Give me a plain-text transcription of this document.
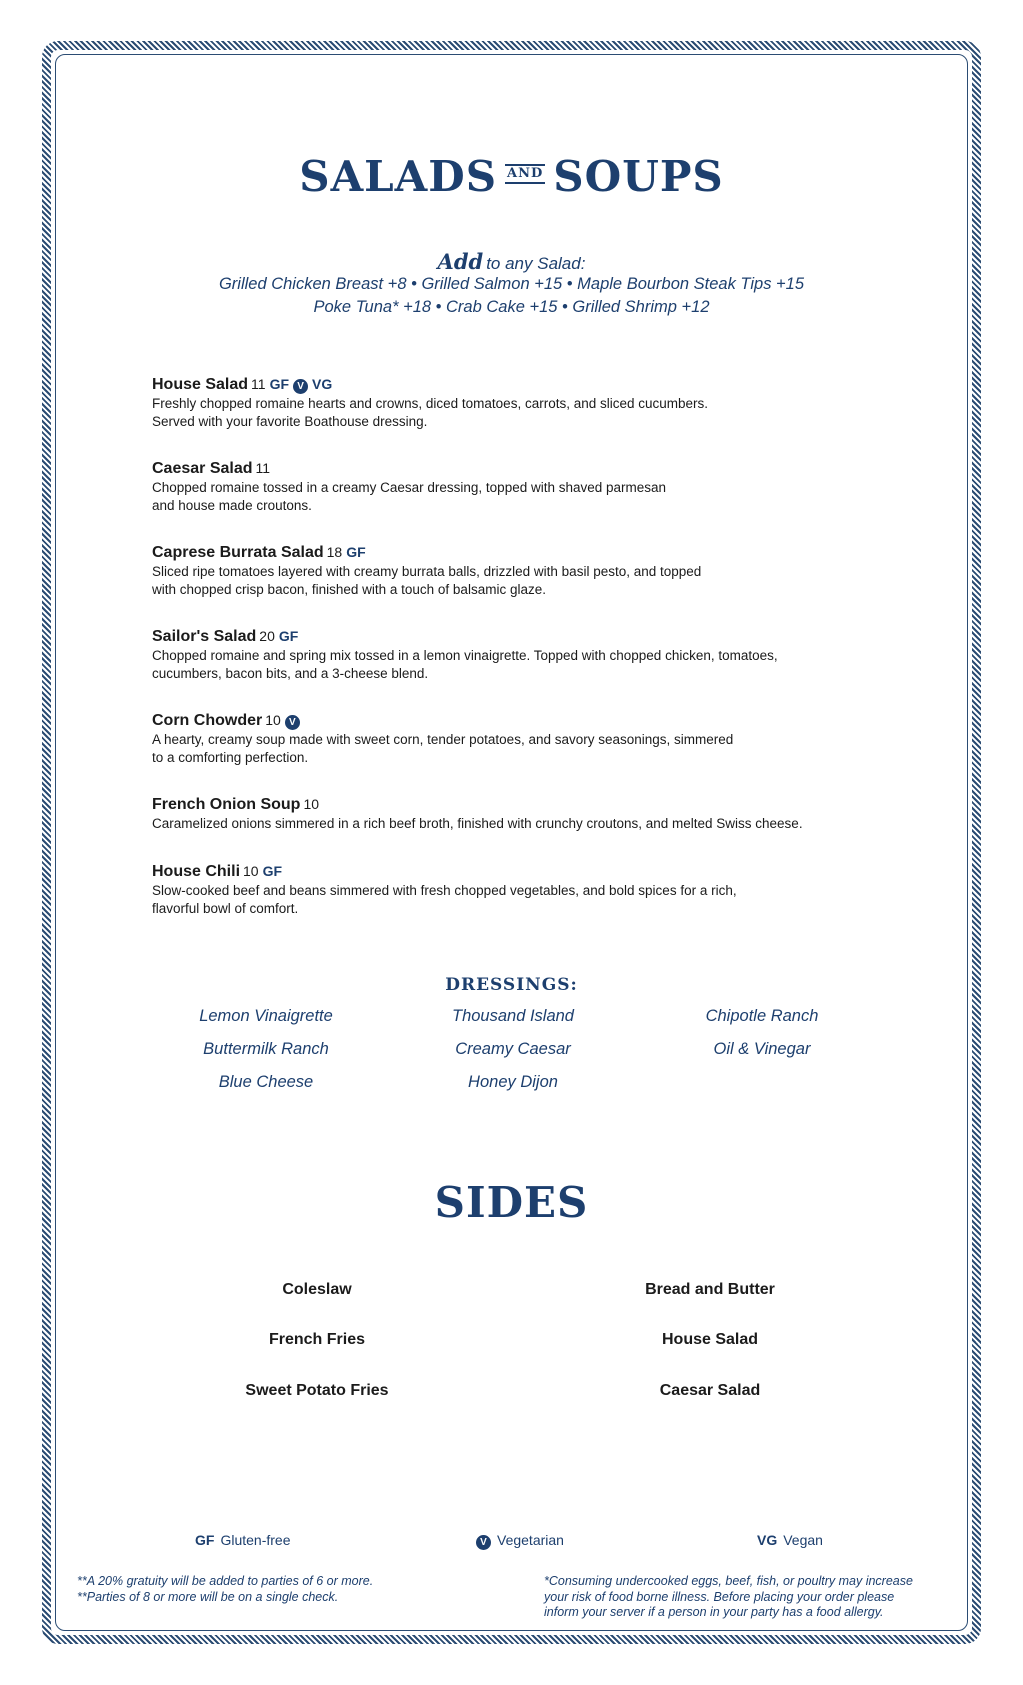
SALADS AND SOUPS
Add to any Salad:
Grilled Chicken Breast +8 • Grilled Salmon +15 • Maple Bourbon Steak Tips +15
Poke Tuna* +18 • Crab Cake +15 • Grilled Shrimp +12
House Salad 11 GF V VG
Freshly chopped romaine hearts and crowns, diced tomatoes, carrots, and sliced cucumbers.
Served with your favorite Boathouse dressing.
Caesar Salad 11
Chopped romaine tossed in a creamy Caesar dressing, topped with shaved parmesan
and house made croutons.
Caprese Burrata Salad 18 GF
Sliced ripe tomatoes layered with creamy burrata balls, drizzled with basil pesto, and topped
with chopped crisp bacon, finished with a touch of balsamic glaze.
Sailor's Salad 20 GF
Chopped romaine and spring mix tossed in a lemon vinaigrette. Topped with chopped chicken, tomatoes,
cucumbers, bacon bits, and a 3-cheese blend.
Corn Chowder 10 V
A hearty, creamy soup made with sweet corn, tender potatoes, and savory seasonings, simmered
to a comforting perfection.
French Onion Soup 10
Caramelized onions simmered in a rich beef broth, finished with crunchy croutons, and melted Swiss cheese.
House Chili 10 GF
Slow-cooked beef and beans simmered with fresh chopped vegetables, and bold spices for a rich,
flavorful bowl of comfort.
DRESSINGS:
Lemon Vinaigrette	Thousand Island	Chipotle Ranch
Buttermilk Ranch	Creamy Caesar	Oil & Vinegar
Blue Cheese	Honey Dijon
SIDES
Coleslaw	Bread and Butter
French Fries	House Salad
Sweet Potato Fries	Caesar Salad
GF Gluten-free	V Vegetarian	VG Vegan
**A 20% gratuity will be added to parties of 6 or more.
**Parties of 8 or more will be on a single check.
*Consuming undercooked eggs, beef, fish, or poultry may increase
your risk of food borne illness. Before placing your order please
inform your server if a person in your party has a food allergy.
